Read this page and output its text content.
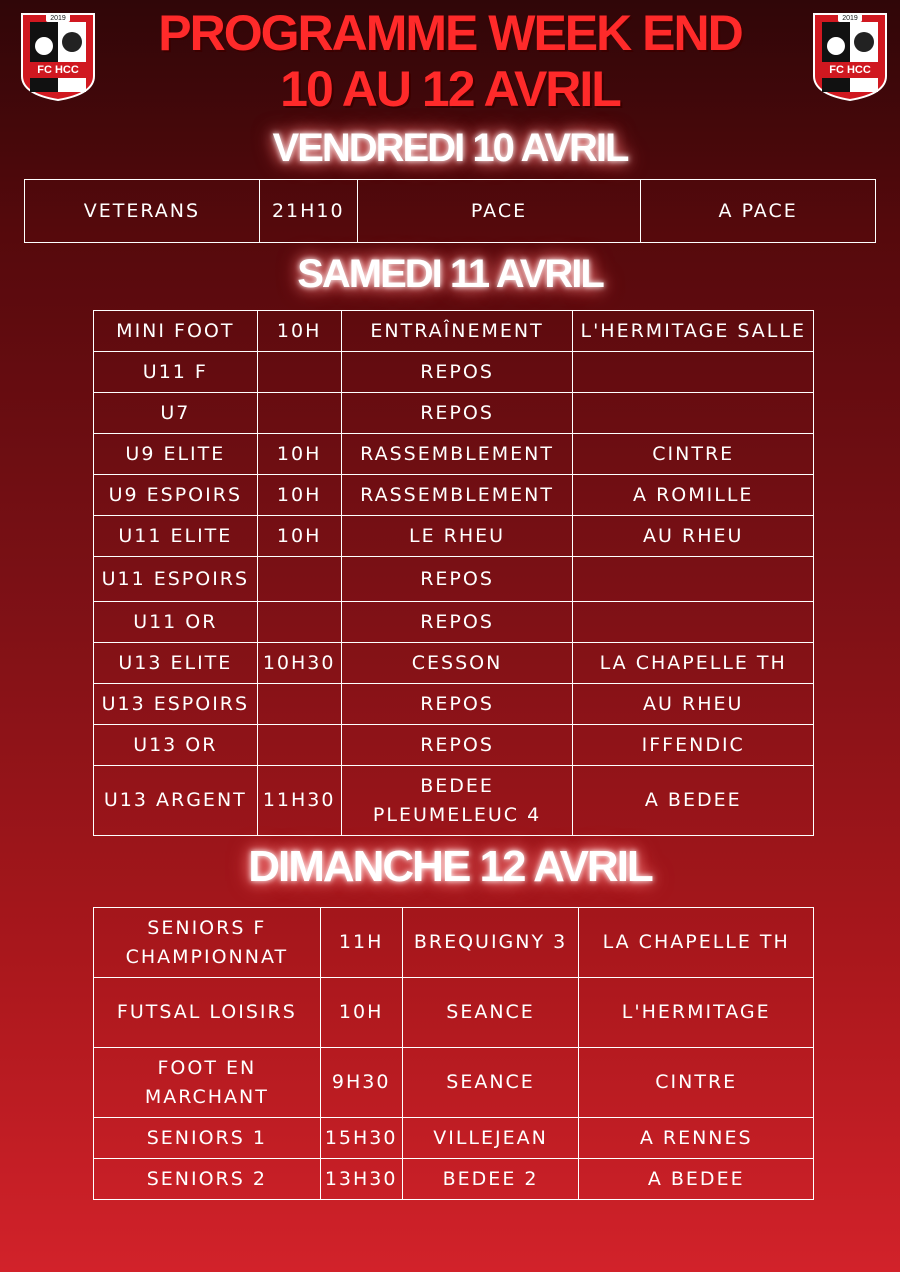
2019
FC HCC
2019
FC HCC
PROGRAMME WEEK END
10 AU 12 AVRIL
VENDREDI 10 AVRIL
VETERANS	21H10	PACE	A PACE
SAMEDI 11 AVRIL
MINI FOOT	10H	ENTRAÎNEMENT	L'HERMITAGE SALLE
U11 F		REPOS	
U7		REPOS	
U9 ELITE	10H	RASSEMBLEMENT	CINTRE
U9 ESPOIRS	10H	RASSEMBLEMENT	A ROMILLE
U11 ELITE	10H	LE RHEU	AU RHEU
U11 ESPOIRS		REPOS	
U11 OR		REPOS	
U13 ELITE	10H30	CESSON	LA CHAPELLE TH
U13 ESPOIRS		REPOS	AU RHEU
U13 OR		REPOS	IFFENDIC
U13 ARGENT	11H30	BEDEE PLEUMELEUC 4	A BEDEE
DIMANCHE 12 AVRIL
SENIORS F CHAMPIONNAT	11H	BREQUIGNY 3	LA CHAPELLE TH
FUTSAL LOISIRS	10H	SEANCE	L'HERMITAGE
FOOT EN MARCHANT	9H30	SEANCE	CINTRE
SENIORS 1	15H30	VILLEJEAN	A RENNES
SENIORS 2	13H30	BEDEE 2	A BEDEE
